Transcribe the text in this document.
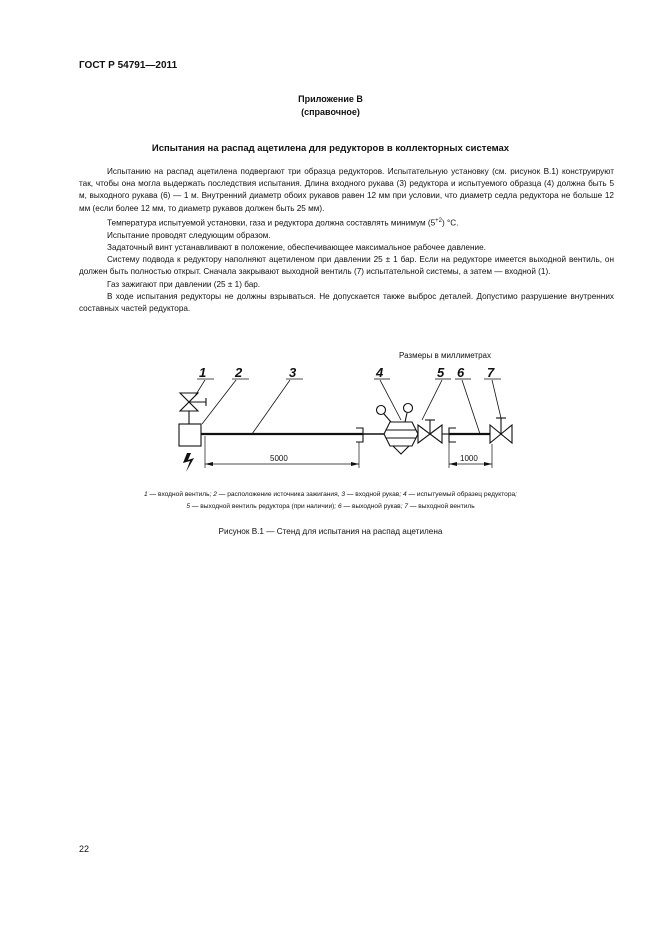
ГОСТ Р 54791—2011
Приложение В
(справочное)
Испытания на распад ацетилена для редукторов в коллекторных системах

Испытанию на распад ацетилена подвергают три образца редукторов. Испытательную установку (см. рисунок В.1) конструируют так, чтобы она могла выдержать последствия испытания. Длина входного рукава (3) редуктора и испытуемого образца (4) должна быть 5 м, выходного рукава (6) — 1 м. Внутренний диаметр обоих рукавов равен 12 мм при условии, что диаметр седла редуктора не больше 12 мм (если более 12 мм, то диаметр рукавов должен быть 25 мм).

Температура испытуемой установки, газа и редуктора должна составлять минимум $(5^{+2})$ °С.

Испытание проводят следующим образом.

Задаточный винт устанавливают в положение, обеспечивающее максимальное рабочее давление.

Систему подвода к редуктору наполняют ацетиленом при давлении 25 ± 1 бар. Если на редукторе имеется выходной вентиль, он должен быть полностью открыт. Сначала закрывают выходной вентиль (7) испытательной системы, а затем — входной (1).

Газ зажигают при давлении (25 ± 1) бар.

В ходе испытания редукторы не должны взрываться. Не допускается также выброс деталей. Допустимо разрушение внутренних составных частей редуктора.

Размеры в миллиметрах
1 2	3	4	5 6 7
5000	1000
1 — входной вентиль; 2 — расположение источника зажигания, 3 — входной рукав; 4 — испытуемый образец редуктора;
5 — выходной вентиль редуктора (при наличии); 6 — выходной рукав; 7 — выходной вентиль
Рисунок В.1 — Стенд для испытания на распад ацетилена
22
